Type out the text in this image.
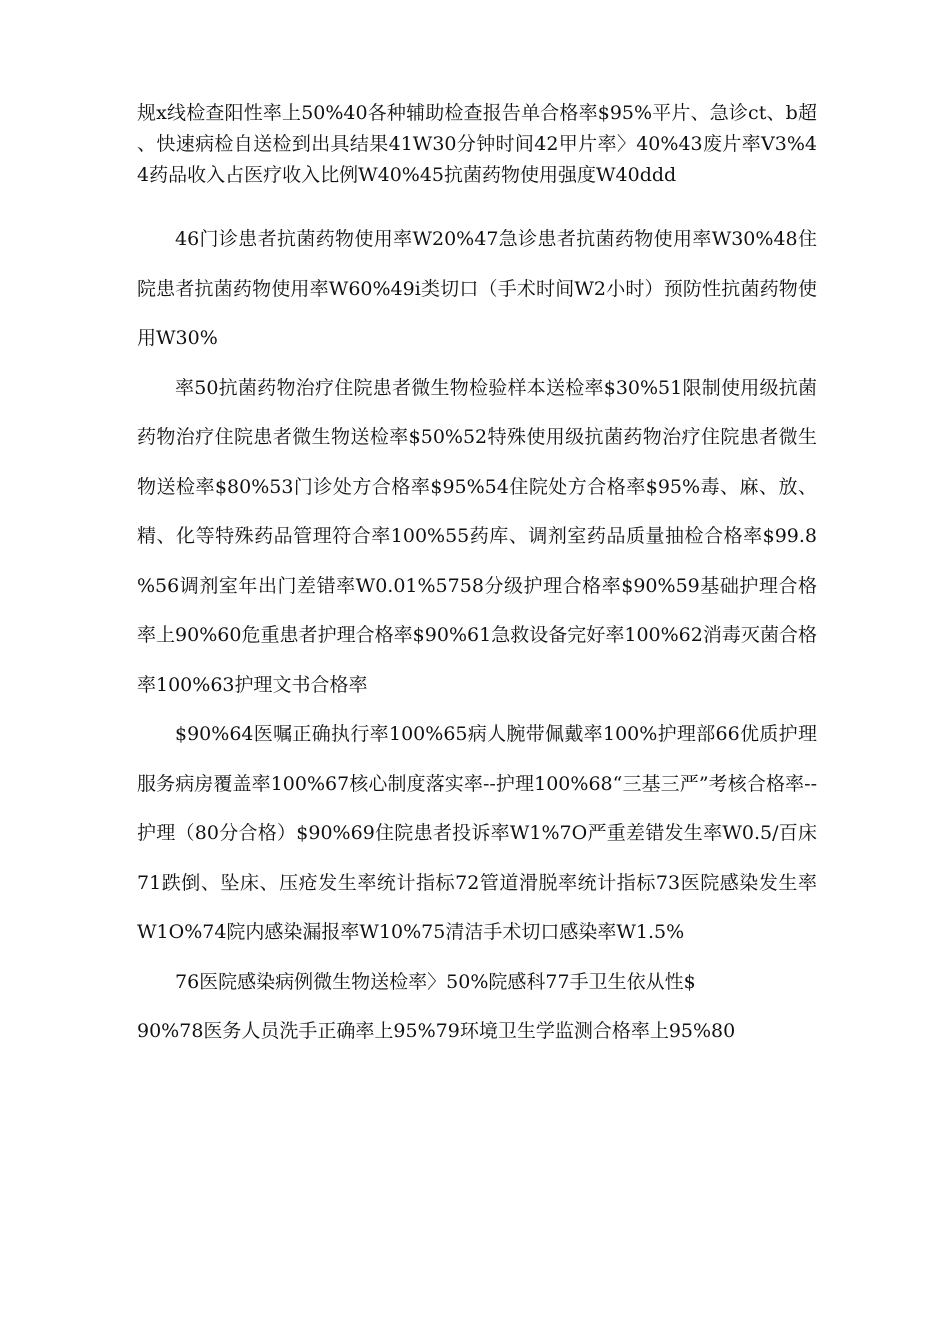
规x线检查阳性率上50%40各种辅助检查报告单合格率$95%平片、急诊ct、b超、快速病检自送检到出具结果41W30分钟时间42甲片率〉40%43废片率V3%44药品收入占医疗收入比例W40%45抗菌药物使用强度W40ddd

46门诊患者抗菌药物使用率W20%47急诊患者抗菌药物使用率W30%48住院患者抗菌药物使用率W60%49i类切口（手术时间W2小时）预防性抗菌药物使用W30%

率50抗菌药物治疗住院患者微生物检验样本送检率$30%51限制使用级抗菌药物治疗住院患者微生物送检率$50%52特殊使用级抗菌药物治疗住院患者微生物送检率$80%53门诊处方合格率$95%54住院处方合格率$95%毒、麻、放、精、化等特殊药品管理符合率100%55药库、调剂室药品质量抽检合格率$99.8%56调剂室年出门差错率W0.01%5758分级护理合格率$90%59基础护理合格率上90%60危重患者护理合格率$90%61急救设备完好率100%62消毒灭菌合格率100%63护理文书合格率

$90%64医嘱正确执行率100%65病人腕带佩戴率100%护理部66优质护理服务病房覆盖率100%67核心制度落实率--护理100%68“三基三严”考核合格率--护理（80分合格）$90%69住院患者投诉率W1%7O严重差错发生率W0.5/百床71跌倒、坠床、压疮发生率统计指标72管道滑脱率统计指标73医院感染发生率W1O%74院内感染漏报率W10%75清洁手术切口感染率W1.5%

76医院感染病例微生物送检率〉50%院感科77手卫生依从性$

90%78医务人员洗手正确率上95%79环境卫生学监测合格率上95%80
